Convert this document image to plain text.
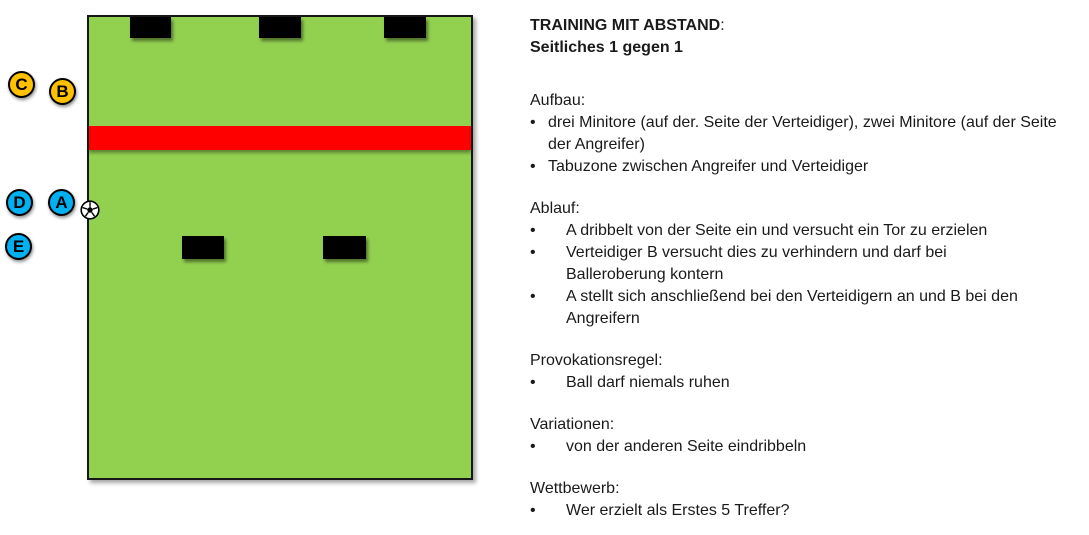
C B
D A
E
TRAINING MIT ABSTAND:
Seitliches 1 gegen 1
Aufbau:
• drei Minitore (auf der. Seite der Verteidiger), zwei Minitore (auf der Seite der Angreifer)
• Tabuzone zwischen Angreifer und Verteidiger
Ablauf:
•	A dribbelt von der Seite ein und versucht ein Tor zu erzielen
•	Verteidiger B versucht dies zu verhindern und darf bei Balleroberung kontern
•	A stellt sich anschließend bei den Verteidigern an und B bei den Angreifern
Provokationsregel:
•	Ball darf niemals ruhen
Variationen:
•	von der anderen Seite eindribbeln
Wettbewerb:
•	Wer erzielt als Erstes 5 Treffer?
